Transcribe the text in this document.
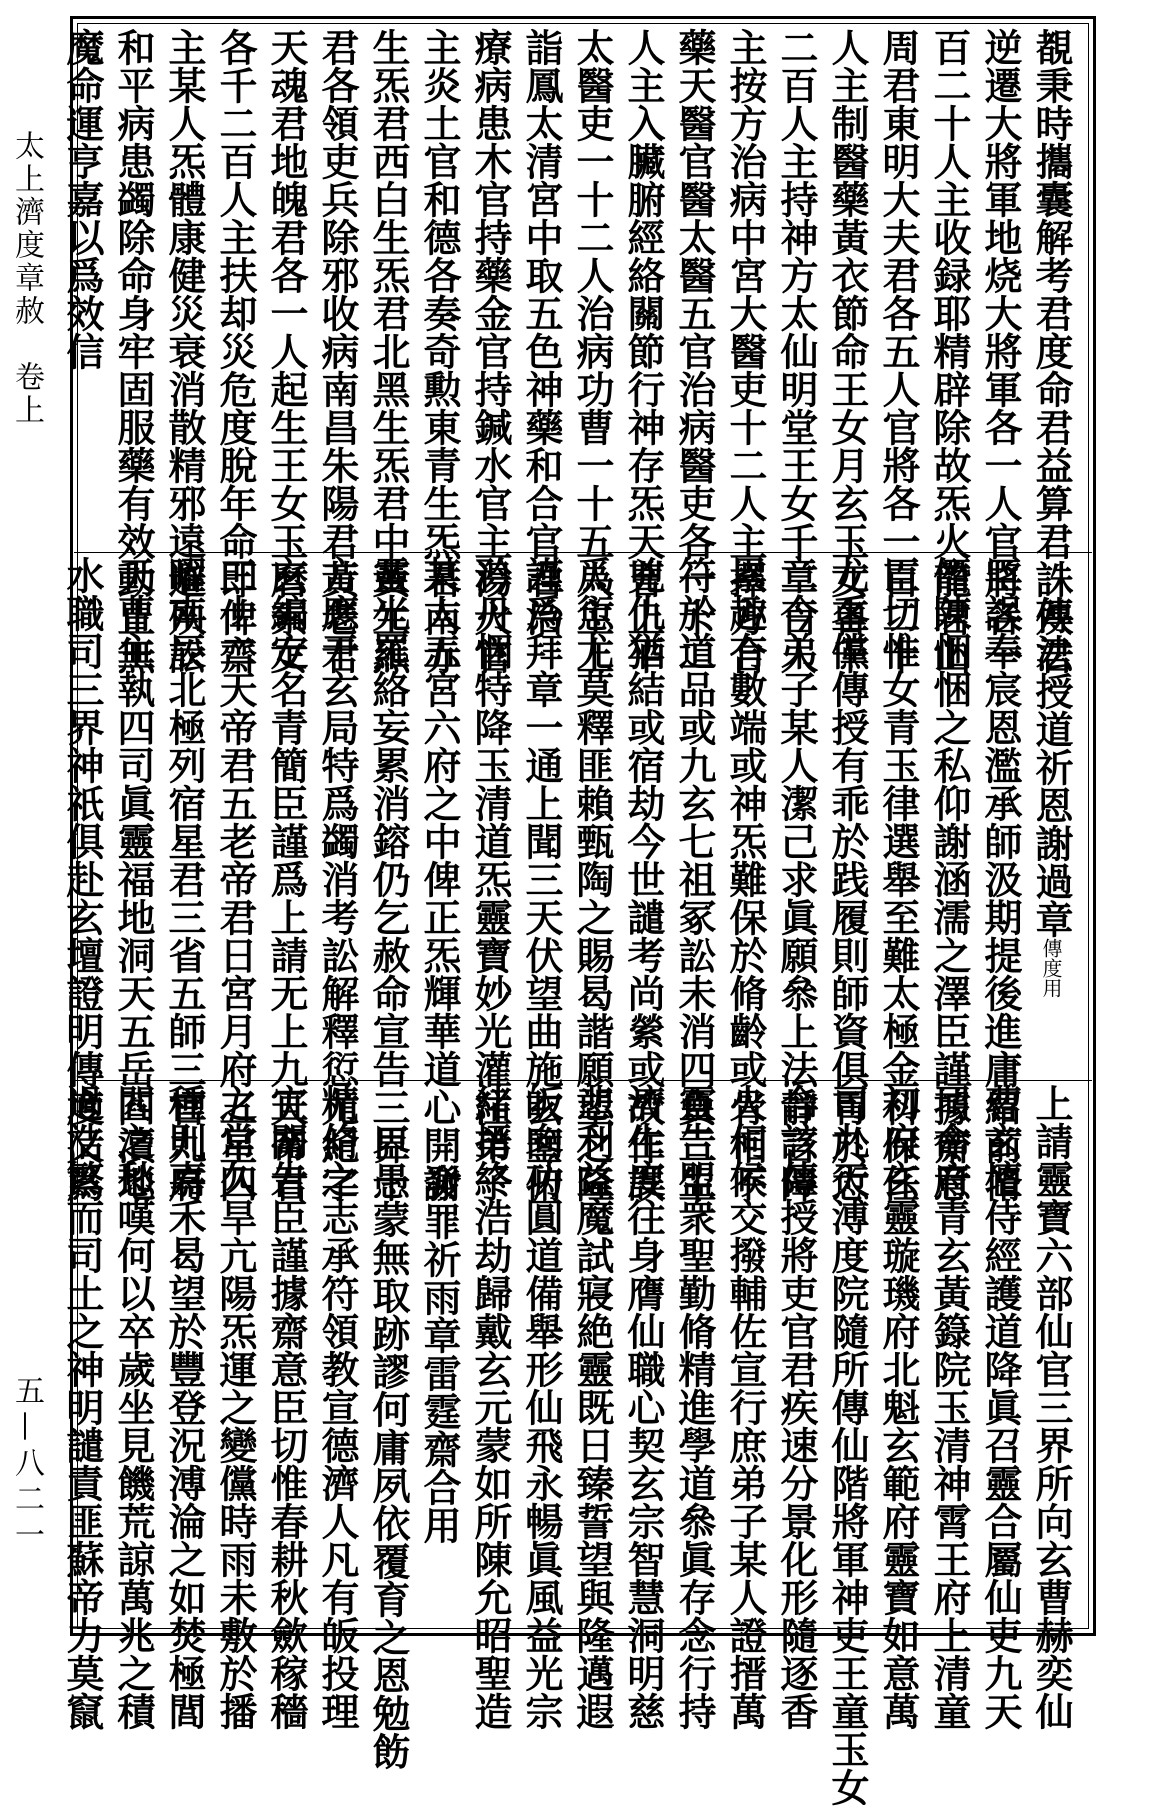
太上濟度章赦　卷上
五—八二一
覩秉時攜囊解考君度命君益算君誅殃君
逆遷大將軍地烧大將軍各一人官將各一
百二十人主收録耶精辟除故炁火龍君山
周君東明大夫君各五人官將各一百二十
人主制醫藥黃衣節命王女月玄玉女各千
二百人主持神方太仙明堂王女千二百人
主按方治病中宮大醫吏十二人主擇方合
藥天醫官醫太醫五官治病醫吏各一十二
人主入臟腑經絡關節行神存炁天曹上平
太醫吏一十二人治病功曹一十五人主上
詣鳳太清宮中取五色神藥和合官君治
療病患木官持藥金官持鍼水官主湯火官
主炎土官和德各奏奇勲東青生炁君南赤
生炁君西白生炁君北黑生炁君中黃生炁
君各領吏兵除邪收病南昌朱陽君黃老君
天魂君地魄君各一人起生王女玉曆素女
各千二百人主扶却災危度脫年命即俾齋
主某人炁體康健災衰消散精邪遠避殃訟
和平病患蠲除命身牢固服藥有效動止無
魔命運亨嘉以爲效信
傳法授道祈恩謝過章傳度用
臣誤奉宸恩濫承師汲期提後進庸紹前脩
僭陳悃悃之私仰謝涵濡之澤臣謹據齋意
臣切惟女青玉律選舉至難太極金科保任
尤重儻傳授有乖於践履則師資俱胃於愆
章今弟子某人潔己求眞願叅上法靜言障
累趣有數端或神炁難保於脩齡或骨相不
符於道品或九玄七祖冢訟未消四負三生
兇仇猶結或宿劫今世譴考尚縈或故作誤
爲愆尤莫釋匪賴甄陶之賜曷諧願望之隆
謹爲拜章一通上聞三天伏望曲施玄鑒俯
矜丹悃特降玉清道炁靈寶妙光灌注弟子
某人五宮六府之中俾正炁輝華道心開發
靈光羅絡妄累消鎔仍乞赦命宣告三界十
方應干玄局特爲蠲消考訟解釋愆尤紀字
玄編定名青簡臣謹爲上請无上九天帝君
三十二天帝君五老帝君日宮月府五星四
曜南辰北極列宿星君三省五師三官九府
天曹主執四司眞靈福地洞天五岳四瀆地
水職司三界神祇俱赴玄壇證明傳度又爲
上請靈寶六部仙官三界所向玄曹赫奕仙
曹玄壇侍經護道降眞召靈合屬仙吏九天
司命府青玄黃籙院玉清神霄王府上清童
初府玄靈璇璣府北魁玄範府靈寶如意萬
司九天溥度院隨所傳仙階將軍神吏王童玉女
合該傳授將吏官君疾速分景化形隨逐香
火伺候交撥輔佐宣行庶弟子某人證搢萬
靈告盟衆聖勤脩精進學道叅眞存念行持
濟生度往身膺仙職心契玄宗智慧洞明慈
悲利益魔試寢絶靈既日臻誓望與隆邁遐
皈向功圓道備舉形仙飛永暢眞風益光宗
緒搢終浩劫歸戴玄元蒙如所陳允昭聖造
謝罪祈雨章雷霆齋合用
臣愚蒙無取跡謬何庸夙依覆育之恩勉飭
精脩之志承符領教宣德濟人凡有皈投理
宜關告臣謹據齋意臣切惟春耕秋歛稼穡
之常久旱亢陽炁運之變儻時雨未敷於播
種則嘉禾曷望於豐登況溥淪之如焚極閭
閻之愁嘆何以卒歲坐見饑荒諒萬兆之積
過浩繁而司土之神明譴責匪蘇帝力莫竄
